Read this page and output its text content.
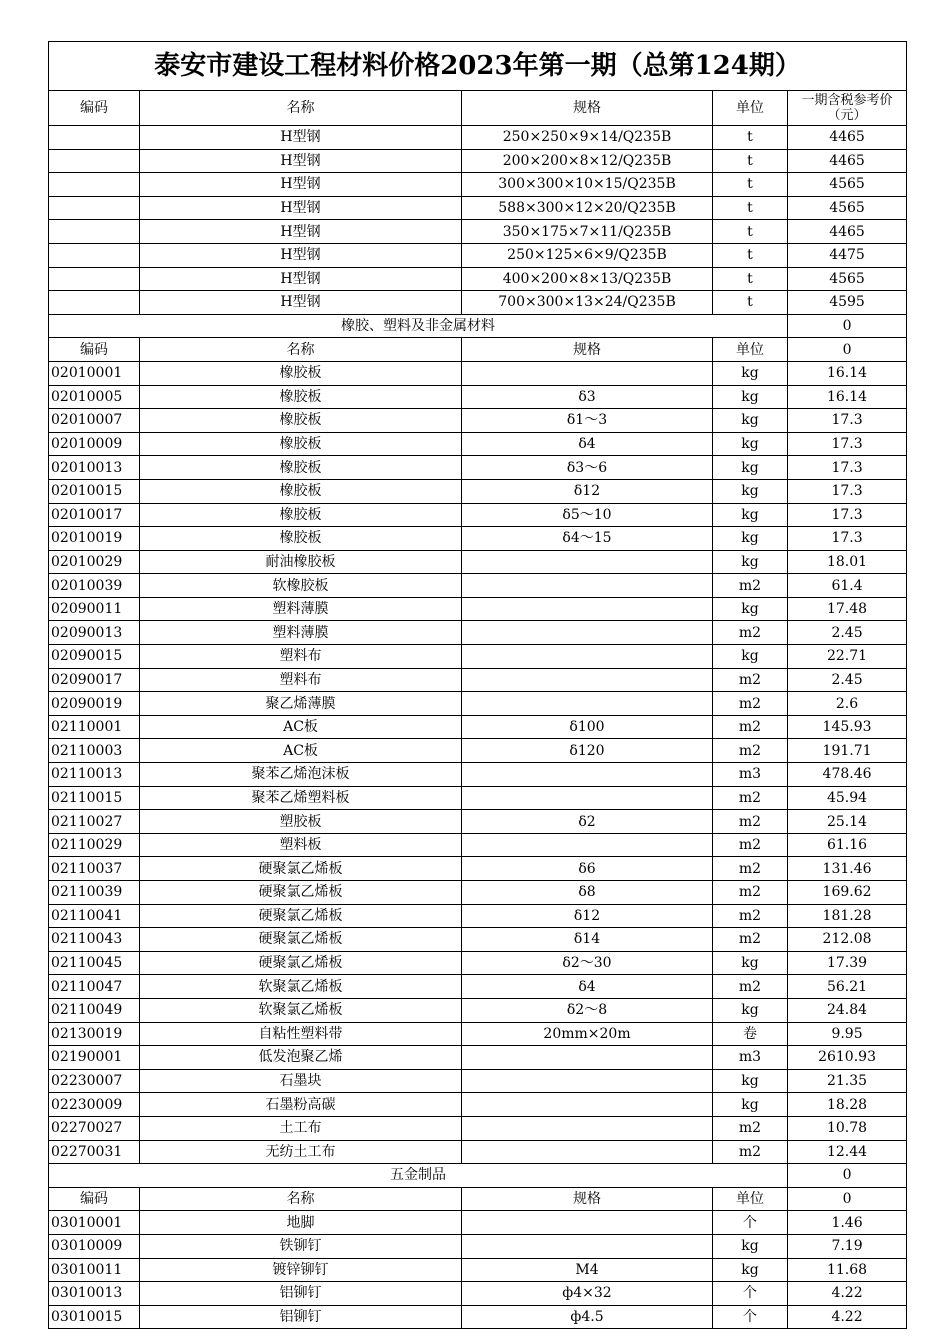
泰安市建设工程材料价格2023年第一期（总第124期）				
编码	名称	规格	单位	一期含税参考价
（元）

	H型钢	250×250×9×14/Q235B	t	4465
	H型钢	200×200×8×12/Q235B	t	4465
	H型钢	300×300×10×15/Q235B	t	4565
	H型钢	588×300×12×20/Q235B	t	4565
	H型钢	350×175×7×11/Q235B	t	4465
	H型钢	250×125×6×9/Q235B	t	4475
	H型钢	400×200×8×13/Q235B	t	4565
	H型钢	700×300×13×24/Q235B	t	4595
橡胶、塑料及非金属材料				0
编码	名称	规格	单位	0
02010001	橡胶板		kg	16.14
02010005	橡胶板	δ3	kg	16.14
02010007	橡胶板	δ1～3	kg	17.3
02010009	橡胶板	δ4	kg	17.3
02010013	橡胶板	δ3～6	kg	17.3
02010015	橡胶板	δ12	kg	17.3
02010017	橡胶板	δ5～10	kg	17.3
02010019	橡胶板	δ4～15	kg	17.3
02010029	耐油橡胶板		kg	18.01
02010039	软橡胶板		m2	61.4
02090011	塑料薄膜		kg	17.48
02090013	塑料薄膜		m2	2.45
02090015	塑料布		kg	22.71
02090017	塑料布		m2	2.45
02090019	聚乙烯薄膜		m2	2.6
02110001	AC板	δ100	m2	145.93
02110003	AC板	δ120	m2	191.71
02110013	聚苯乙烯泡沫板		m3	478.46
02110015	聚苯乙烯塑料板		m2	45.94
02110027	塑胶板	δ2	m2	25.14
02110029	塑料板		m2	61.16
02110037	硬聚氯乙烯板	δ6	m2	131.46
02110039	硬聚氯乙烯板	δ8	m2	169.62
02110041	硬聚氯乙烯板	δ12	m2	181.28
02110043	硬聚氯乙烯板	δ14	m2	212.08
02110045	硬聚氯乙烯板	δ2～30	kg	17.39
02110047	软聚氯乙烯板	δ4	m2	56.21
02110049	软聚氯乙烯板	δ2～8	kg	24.84
02130019	自粘性塑料带	20mm×20m	卷	9.95
02190001	低发泡聚乙烯		m3	2610.93
02230007	石墨块		kg	21.35
02230009	石墨粉高碳		kg	18.28
02270027	土工布		m2	10.78
02270031	无纺土工布		m2	12.44
五金制品				0
编码	名称	规格	单位	0
03010001	地脚		个	1.46
03010009	铁铆钉		kg	7.19
03010011	镀锌铆钉	M4	kg	11.68
03010013	铝铆钉	ф4×32	个	4.22
03010015	铝铆钉	ф4.5	个	4.22
